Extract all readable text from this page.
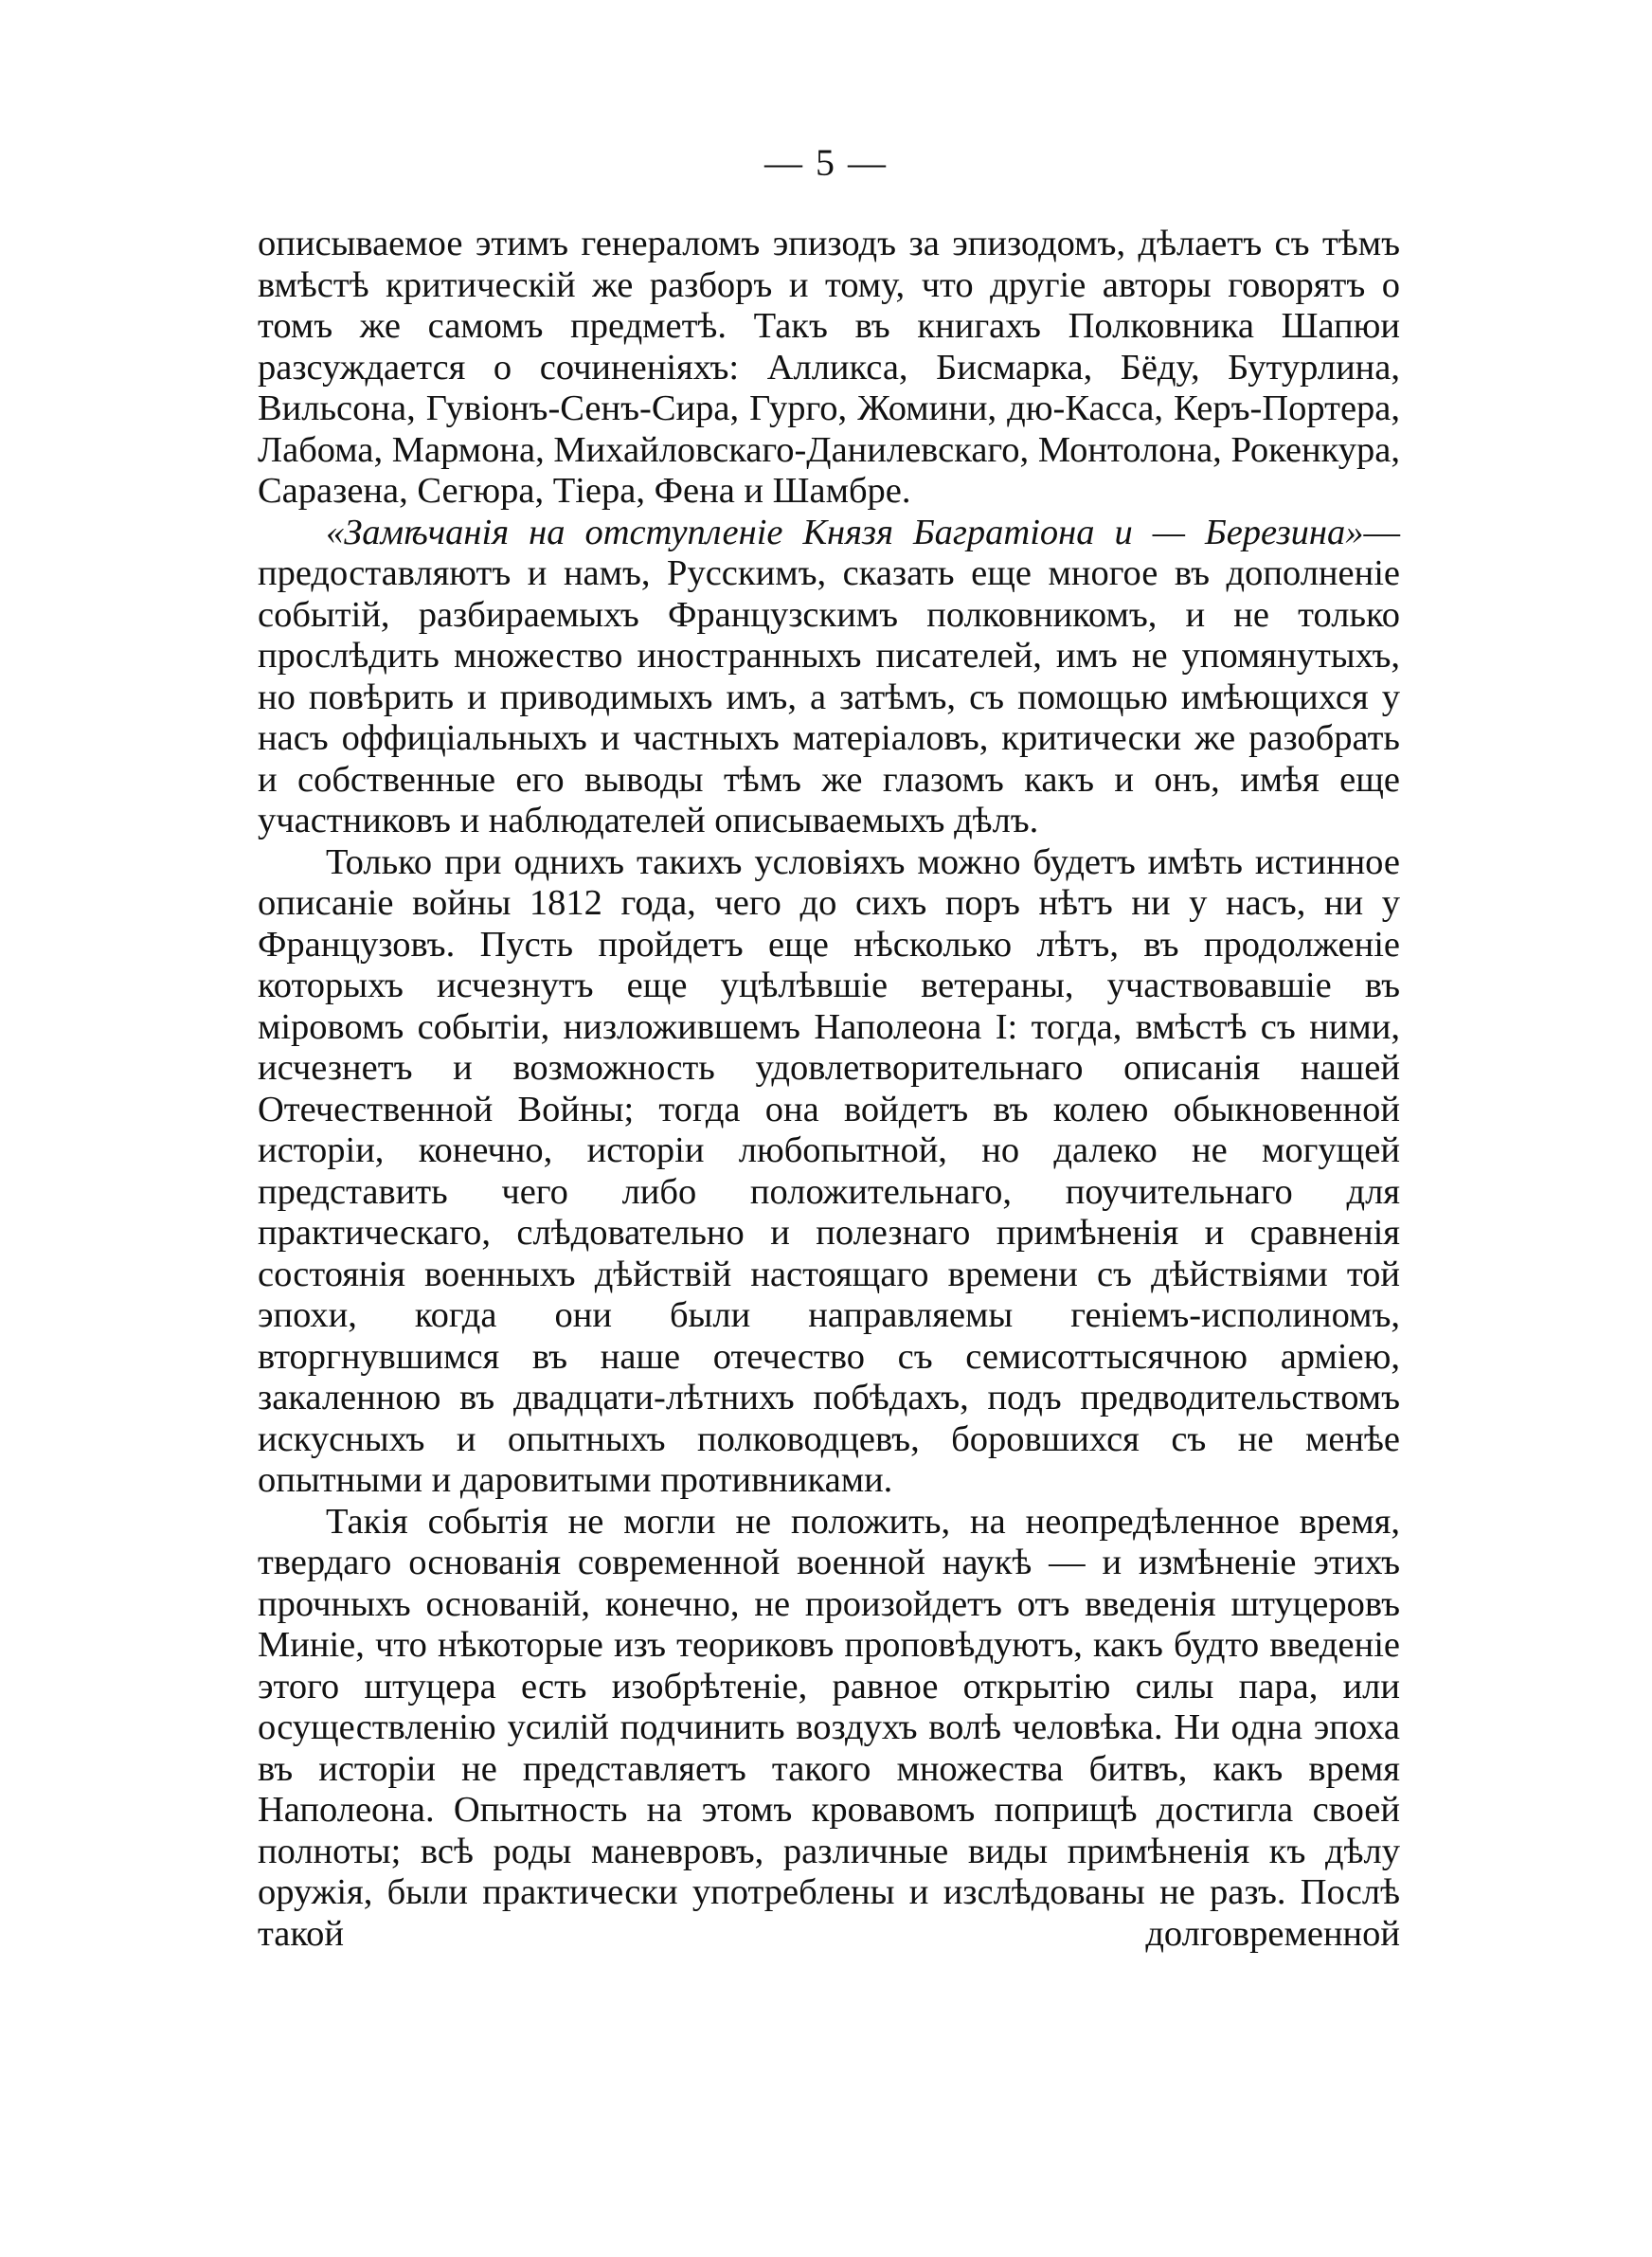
— 5 —

описываемое этимъ генераломъ эпизодъ за эпизодомъ, дѣлаетъ съ тѣмъ вмѣстѣ критическій же разборъ и тому, что другіе авторы говорятъ о томъ же самомъ предметѣ. Такъ въ книгахъ Полковника Шапюи разсуждается о сочиненіяхъ: Алликса, Бисмарка, Бёду, Бутурлина, Вильсона, Гувіонъ-Сенъ-Сира, Гурго, Жомини, дю-Касса, Керъ-Портера, Лабома, Мармона, Михайловскаго-Данилевскаго, Монтолона, Рокенкура, Саразена, Сегюра, Тіера, Фена и Шамбре.

«Замѣчанія на отступленіе Князя Багратіона и — Березина»—предоставляютъ и намъ, Русскимъ, сказать еще многое въ дополненіе событій, разбираемыхъ Французскимъ полковникомъ, и не только прослѣдить множество иностранныхъ писателей, имъ не упомянутыхъ, но повѣрить и приводимыхъ имъ, а затѣмъ, съ помощью имѣющихся у насъ оффиціальныхъ и частныхъ матеріаловъ, критически же разобрать и собственные его выводы тѣмъ же глазомъ какъ и онъ, имѣя еще участниковъ и наблюдателей описываемыхъ дѣлъ.

Только при однихъ такихъ условіяхъ можно будетъ имѣть истинное описаніе войны 1812 года, чего до сихъ поръ нѣтъ ни у насъ, ни у Французовъ. Пусть пройдетъ еще нѣсколько лѣтъ, въ продолженіе которыхъ исчезнутъ еще уцѣлѣвшіе ветераны, участвовавшіе въ міровомъ событіи, низложившемъ Наполеона I: тогда, вмѣстѣ съ ними, исчезнетъ и возможность удовлетворительнаго описанія нашей Отечественной Войны; тогда она войдетъ въ колею обыкновенной исторіи, конечно, исторіи любопытной, но далеко не могущей представить чего либо положительнаго, поучительнаго для практическаго, слѣдовательно и полезнаго примѣненія и сравненія состоянія военныхъ дѣйствій настоящаго времени съ дѣйствіями той эпохи, когда они были направляемы геніемъ-исполиномъ, вторгнувшимся въ наше отечество съ семисоттысячною арміею, закаленною въ двадцати-лѣтнихъ побѣдахъ, подъ предводительствомъ искусныхъ и опытныхъ полководцевъ, боровшихся съ не менѣе опытными и даровитыми противниками.

Такія событія не могли не положить, на неопредѣленное время, твердаго основанія современной военной наукѣ — и измѣненіе этихъ прочныхъ основаній, конечно, не произойдетъ отъ введенія штуцеровъ Миніе, что нѣкоторые изъ теориковъ проповѣдуютъ, какъ будто введеніе этого штуцера есть изобрѣтеніе, равное открытію силы пара, или осуществленію усилій подчинить воздухъ волѣ человѣка. Ни одна эпоха въ исторіи не представляетъ такого множества битвъ, какъ время Наполеона. Опытность на этомъ кровавомъ поприщѣ достигла своей полноты; всѣ роды маневровъ, различные виды примѣненія къ дѣлу оружія, были практически употреблены и изслѣдованы не разъ. Послѣ такой долговременной
